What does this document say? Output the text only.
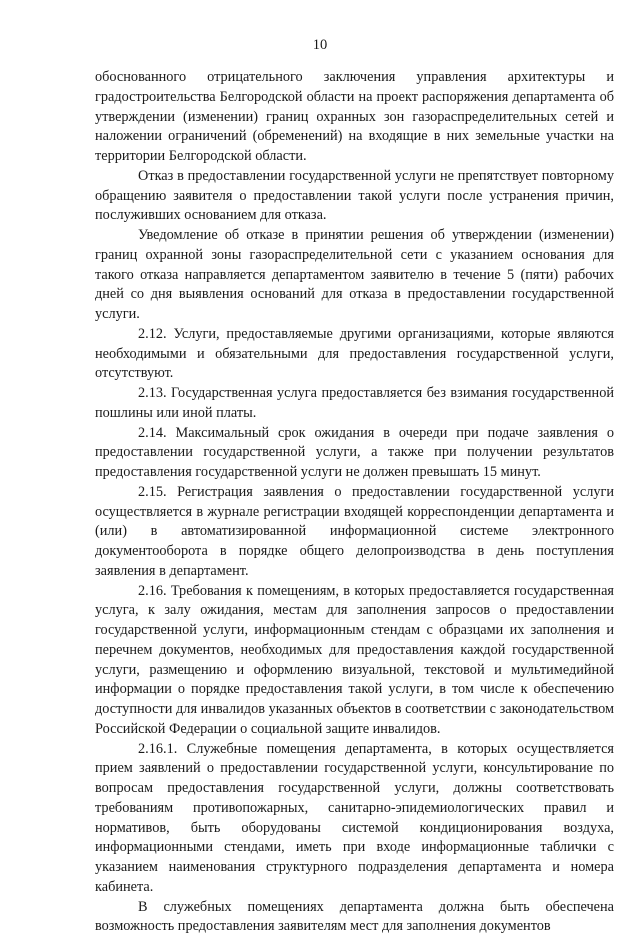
10

обоснованного отрицательного заключения управления архитектуры и градостроительства Белгородской области на проект распоряжения департамента об утверждении (изменении) границ охранных зон газораспределительных сетей и наложении ограничений (обременений) на входящие в них земельные участки на территории Белгородской области.

Отказ в предоставлении государственной услуги не препятствует повторному обращению заявителя о предоставлении такой услуги после устранения причин, послуживших основанием для отказа.

Уведомление об отказе в принятии решения об утверждении (изменении) границ охранной зоны газораспределительной сети с указанием основания для такого отказа направляется департаментом заявителю в течение 5 (пяти) рабочих дней со дня выявления оснований для отказа в предоставлении государственной услуги.

2.12. Услуги, предоставляемые другими организациями, которые являются необходимыми и обязательными для предоставления государственной услуги, отсутствуют.

2.13. Государственная услуга предоставляется без взимания государственной пошлины или иной платы.

2.14. Максимальный срок ожидания в очереди при подаче заявления о предоставлении государственной услуги, а также при получении результатов предоставления государственной услуги не должен превышать 15 минут.

2.15. Регистрация заявления о предоставлении государственной услуги осуществляется в журнале регистрации входящей корреспонденции департамента и (или) в автоматизированной информационной системе электронного документооборота в порядке общего делопроизводства в день поступления заявления в департамент.

2.16. Требования к помещениям, в которых предоставляется государственная услуга, к залу ожидания, местам для заполнения запросов о предоставлении государственной услуги, информационным стендам с образцами их заполнения и перечнем документов, необходимых для предоставления каждой государственной услуги, размещению и оформлению визуальной, текстовой и мультимедийной информации о порядке предоставления такой услуги, в том числе к обеспечению доступности для инвалидов указанных объектов в соответствии с законодательством Российской Федерации о социальной защите инвалидов.

2.16.1. Служебные помещения департамента, в которых осуществляется прием заявлений о предоставлении государственной услуги, консультирование по вопросам предоставления государственной услуги, должны соответствовать требованиям противопожарных, санитарно-эпидемиологических правил и нормативов, быть оборудованы системой кондиционирования воздуха, информационными стендами, иметь при входе информационные таблички с указанием наименования структурного подразделения департамента и номера кабинета.

В служебных помещениях департамента должна быть обеспечена возможность предоставления заявителям мест для заполнения документов
